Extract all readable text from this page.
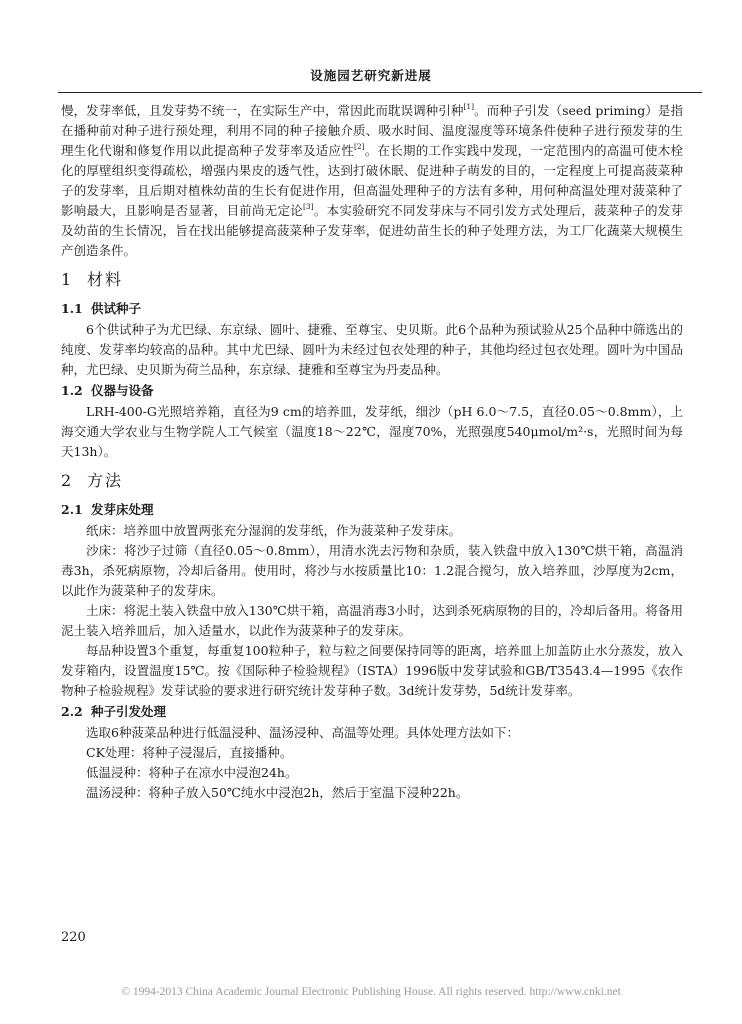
设施园艺研究新进展

慢，发芽率低，且发芽势不统一，在实际生产中，常因此而耽误调种引种[1]。而种子引发（seed priming）是指在播种前对种子进行预处理，利用不同的种子接触介质、吸水时间、温度湿度等环境条件使种子进行预发芽的生理生化代谢和修复作用以此提高种子发芽率及适应性[2]。在长期的工作实践中发现，一定范围内的高温可使木栓化的厚壁组织变得疏松，增强内果皮的透气性，达到打破休眠、促进种子萌发的目的，一定程度上可提高菠菜种子的发芽率，且后期对植株幼苗的生长有促进作用，但高温处理种子的方法有多种，用何种高温处理对菠菜种了影响最大，且影响是否显著，目前尚无定论[3]。本实验研究不同发芽床与不同引发方式处理后，菠菜种子的发芽及幼苗的生长情况，旨在找出能够提高菠菜种子发芽率，促进幼苗生长的种子处理方法，为工厂化蔬菜大规模生产创造条件。

1 材料

1.1 供试种子

6个供试种子为尤巴绿、东京绿、圆叶、捷雅、至尊宝、史贝斯。此6个品种为预试验从25个品种中筛选出的纯度、发芽率均较高的品种。其中尤巴绿、圆叶为未经过包衣处理的种子，其他均经过包衣处理。圆叶为中国品种，尤巴绿、史贝斯为荷兰品种，东京绿、捷雅和至尊宝为丹麦品种。

1.2 仪器与设备

LRH-400-G光照培养箱，直径为9 cm的培养皿，发芽纸，细沙（pH 6.0～7.5，直径0.05～0.8mm），上海交通大学农业与生物学院人工气候室（温度18～22℃，湿度70%，光照强度540μmol/m²·s，光照时间为每天13h）。

2 方法

2.1 发芽床处理

纸床：培养皿中放置两张充分湿润的发芽纸，作为菠菜种子发芽床。

沙床：将沙子过筛（直径0.05～0.8mm），用清水洗去污物和杂质，装入铁盘中放入130℃烘干箱，高温消毒3h，杀死病原物，冷却后备用。使用时，将沙与水按质量比10：1.2混合搅匀，放入培养皿，沙厚度为2cm，以此作为菠菜种子的发芽床。

土床：将泥土装入铁盘中放入130℃烘干箱，高温消毒3小时，达到杀死病原物的目的，冷却后备用。将备用泥土装入培养皿后，加入适量水，以此作为菠菜种子的发芽床。

每品种设置3个重复，每重复100粒种子，粒与粒之间要保持同等的距离，培养皿上加盖防止水分蒸发，放入发芽箱内，设置温度15℃。按《国际种子检验规程》（ISTA）1996版中发芽试验和GB/T3543.4—1995《农作物种子检验规程》发芽试验的要求进行研究统计发芽种子数。3d统计发芽势，5d统计发芽率。

2.2 种子引发处理

选取6种菠菜品种进行低温浸种、温汤浸种、高温等处理。具体处理方法如下：

CK处理：将种子浸湿后，直接播种。

低温浸种：将种子在凉水中浸泡24h。

温汤浸种：将种子放入50℃纯水中浸泡2h，然后于室温下浸种22h。

220
© 1994-2013 China Academic Journal Electronic Publishing House. All rights reserved. http://www.cnki.net
